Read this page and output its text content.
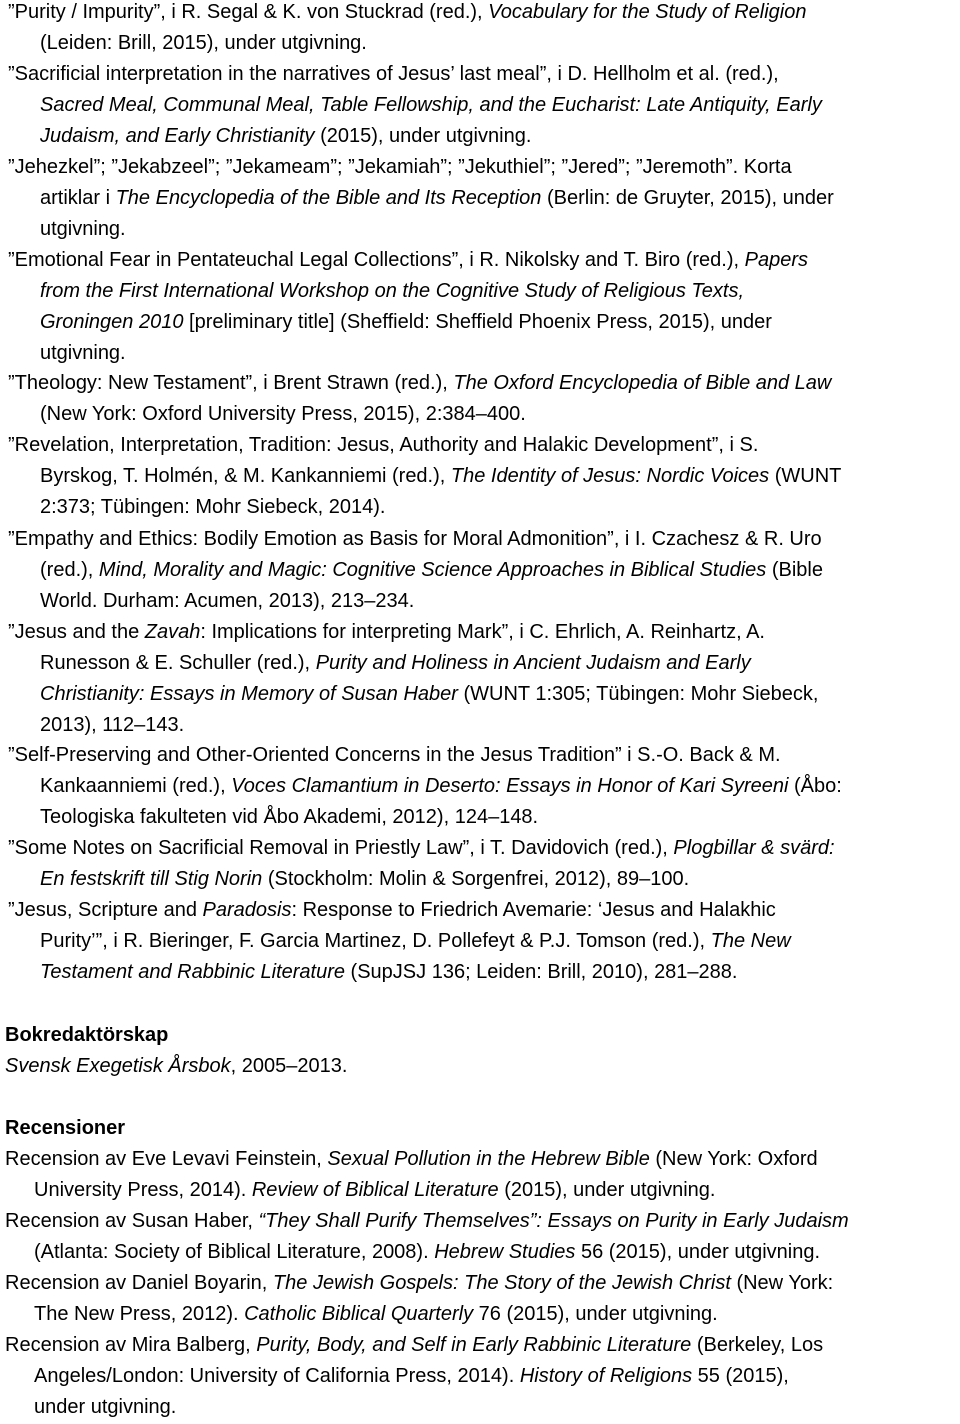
”Purity / Impurity”, i R. Segal & K. von Stuckrad (red.), Vocabulary for the Study of Religion
(Leiden: Brill, 2015), under utgivning.
”Sacrificial interpretation in the narratives of Jesus’ last meal”, i D. Hellholm et al. (red.),
Sacred Meal, Communal Meal, Table Fellowship, and the Eucharist: Late Antiquity, Early
Judaism, and Early Christianity (2015), under utgivning.
”Jehezkel”; ”Jekabzeel”; ”Jekameam”; ”Jekamiah”; ”Jekuthiel”; ”Jered”; ”Jeremoth”. Korta
artiklar i The Encyclopedia of the Bible and Its Reception (Berlin: de Gruyter, 2015), under
utgivning.
”Emotional Fear in Pentateuchal Legal Collections”, i R. Nikolsky and T. Biro (red.), Papers
from the First International Workshop on the Cognitive Study of Religious Texts,
Groningen 2010 [preliminary title] (Sheffield: Sheffield Phoenix Press, 2015), under
utgivning.
”Theology: New Testament”, i Brent Strawn (red.), The Oxford Encyclopedia of Bible and Law
(New York: Oxford University Press, 2015), 2:384–400.
”Revelation, Interpretation, Tradition: Jesus, Authority and Halakic Development”, i S.
Byrskog, T. Holmén, & M. Kankanniemi (red.), The Identity of Jesus: Nordic Voices (WUNT
2:373; Tübingen: Mohr Siebeck, 2014).
”Empathy and Ethics: Bodily Emotion as Basis for Moral Admonition”, i I. Czachesz & R. Uro
(red.), Mind, Morality and Magic: Cognitive Science Approaches in Biblical Studies (Bible
World. Durham: Acumen, 2013), 213–234.
”Jesus and the Zavah: Implications for interpreting Mark”, i C. Ehrlich, A. Reinhartz, A.
Runesson & E. Schuller (red.), Purity and Holiness in Ancient Judaism and Early
Christianity: Essays in Memory of Susan Haber (WUNT 1:305; Tübingen: Mohr Siebeck,
2013), 112–143.
”Self-Preserving and Other-Oriented Concerns in the Jesus Tradition” i S.-O. Back & M.
Kankaanniemi (red.), Voces Clamantium in Deserto: Essays in Honor of Kari Syreeni (Åbo:
Teologiska fakulteten vid Åbo Akademi, 2012), 124–148.
”Some Notes on Sacrificial Removal in Priestly Law”, i T. Davidovich (red.), Plogbillar & svärd:
En festskrift till Stig Norin (Stockholm: Molin & Sorgenfrei, 2012), 89–100.
”Jesus, Scripture and Paradosis: Response to Friedrich Avemarie: ‘Jesus and Halakhic
Purity’”, i R. Bieringer, F. Garcia Martinez, D. Pollefeyt & P.J. Tomson (red.), The New
Testament and Rabbinic Literature (SupJSJ 136; Leiden: Brill, 2010), 281–288.
Bokredaktörskap
Svensk Exegetisk Årsbok, 2005–2013.
Recensioner
Recension av Eve Levavi Feinstein, Sexual Pollution in the Hebrew Bible (New York: Oxford
University Press, 2014). Review of Biblical Literature (2015), under utgivning.
Recension av Susan Haber, “They Shall Purify Themselves”: Essays on Purity in Early Judaism
(Atlanta: Society of Biblical Literature, 2008). Hebrew Studies 56 (2015), under utgivning.
Recension av Daniel Boyarin, The Jewish Gospels: The Story of the Jewish Christ (New York:
The New Press, 2012). Catholic Biblical Quarterly 76 (2015), under utgivning.
Recension av Mira Balberg, Purity, Body, and Self in Early Rabbinic Literature (Berkeley, Los
Angeles/London: University of California Press, 2014). History of Religions 55 (2015),
under utgivning.
